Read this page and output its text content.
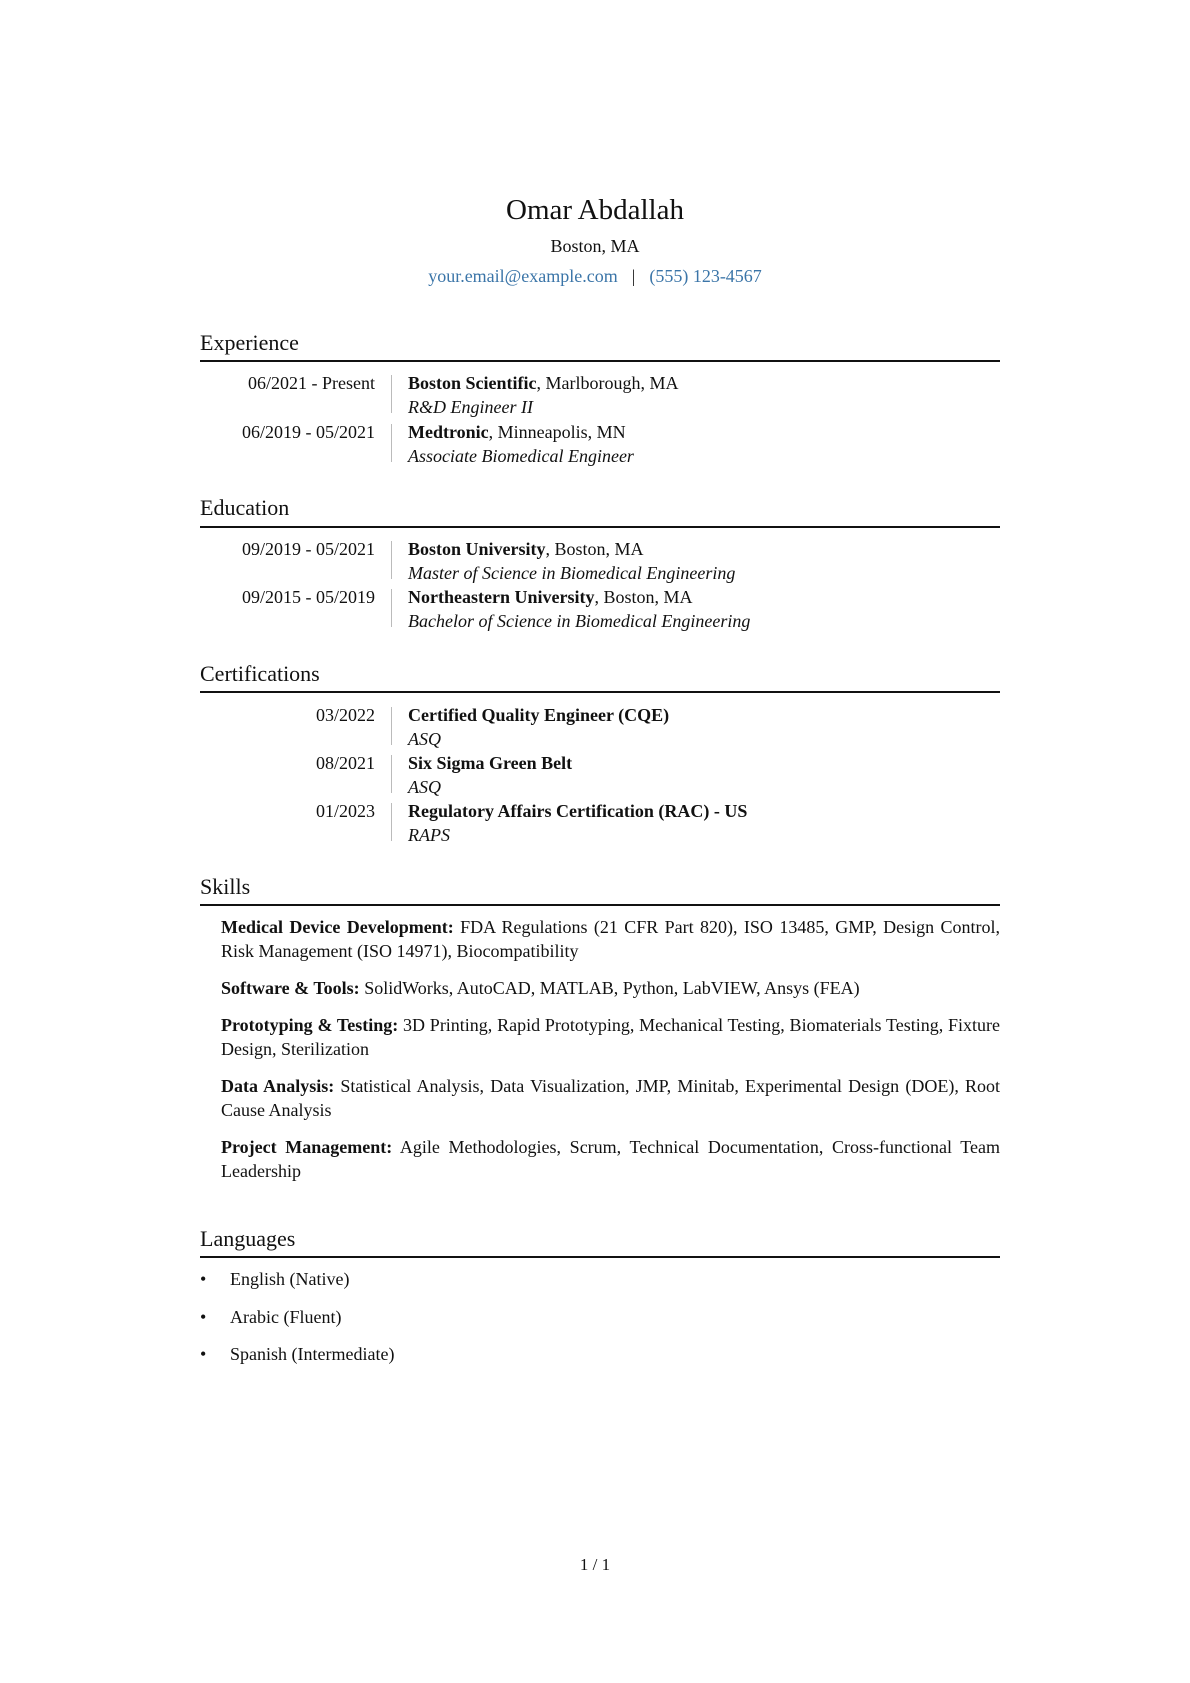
Omar Abdallah
Boston, MA
your.email@example.com | (555) 123-4567
Experience
06/2021 - Present Boston Scientific, Marlborough, MA
R&D Engineer II
06/2019 - 05/2021 Medtronic, Minneapolis, MN
Associate Biomedical Engineer
Education
09/2019 - 05/2021 Boston University, Boston, MA
Master of Science in Biomedical Engineering
09/2015 - 05/2019 Northeastern University, Boston, MA
Bachelor of Science in Biomedical Engineering
Certifications
03/2022 Certified Quality Engineer (CQE)
ASQ
08/2021 Six Sigma Green Belt
ASQ
01/2023 Regulatory Affairs Certification (RAC) - US
RAPS
Skills
Medical Device Development: FDA Regulations (21 CFR Part 820), ISO 13485, GMP, Design Control, Risk Management (ISO 14971), Biocompatibility
Software & Tools: SolidWorks, AutoCAD, MATLAB, Python, LabVIEW, Ansys (FEA)
Prototyping & Testing: 3D Printing, Rapid Prototyping, Mechanical Testing, Biomaterials Testing, Fixture Design, Sterilization
Data Analysis: Statistical Analysis, Data Visualization, JMP, Minitab, Experimental Design (DOE), Root Cause Analysis
Project Management: Agile Methodologies, Scrum, Technical Documentation, Cross-functional Team Leadership
Languages
• English (Native)
• Arabic (Fluent)
• Spanish (Intermediate)
1 / 1
